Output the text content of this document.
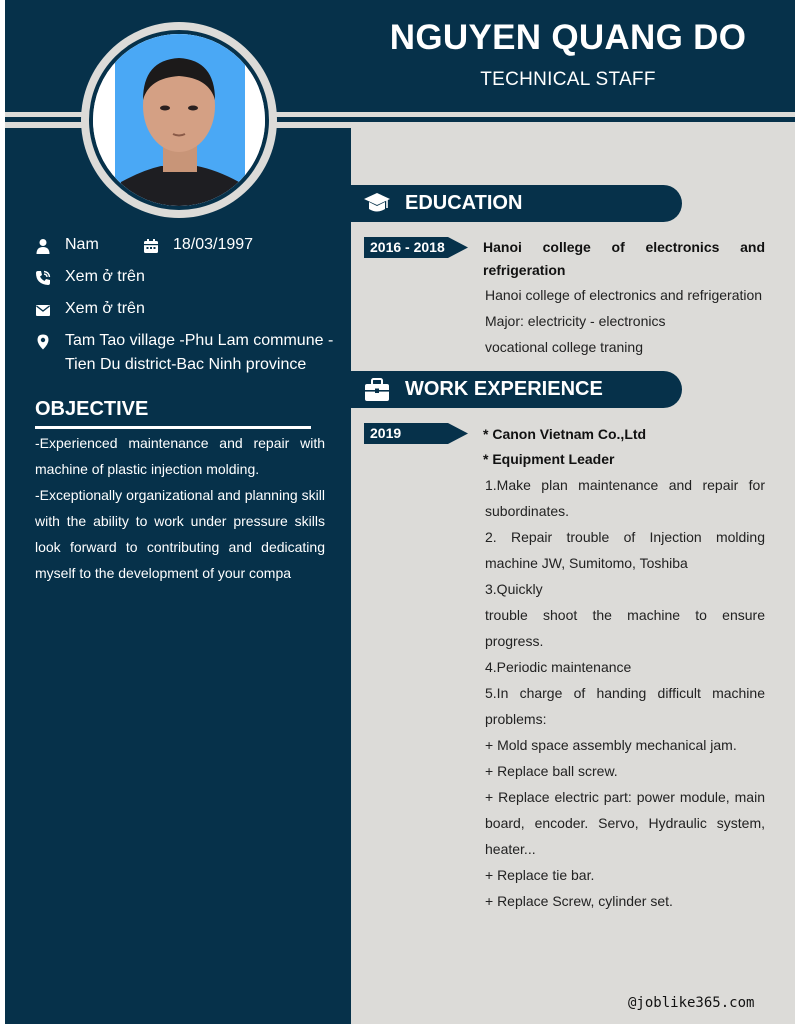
NGUYEN QUANG DO
TECHNICAL STAFF
Nam	18/03/1997
Xem ở trên
Xem ở trên
Tam Tao village -Phu Lam commune -
Tien Du district-Bac Ninh province
OBJECTIVE
-Experienced maintenance and repair with machine of plastic injection molding.
-Exceptionally organizational and planning skill with the ability to work under pressure skills look forward to contributing and dedicating myself to the development of your compa
EDUCATION
2016 - 2018	Hanoi college of electronics and refrigeration
Hanoi college of electronics and refrigeration
Major: electricity - electronics
vocational college traning
WORK EXPERIENCE
2019	* Canon Vietnam Co.,Ltd
* Equipment Leader
1.Make plan maintenance and repair for subordinates.
2. Repair trouble of Injection molding machine JW, Sumitomo, Toshiba
3.Quickly
trouble shoot the machine to ensure progress.
4.Periodic maintenance
5.In charge of handing difficult machine problems:
+ Mold space assembly mechanical jam.
+ Replace ball screw.
+ Replace electric part: power module, main board, encoder. Servo, Hydraulic system, heater...
+ Replace tie bar.
+ Replace Screw, cylinder set.
@joblike365.com
